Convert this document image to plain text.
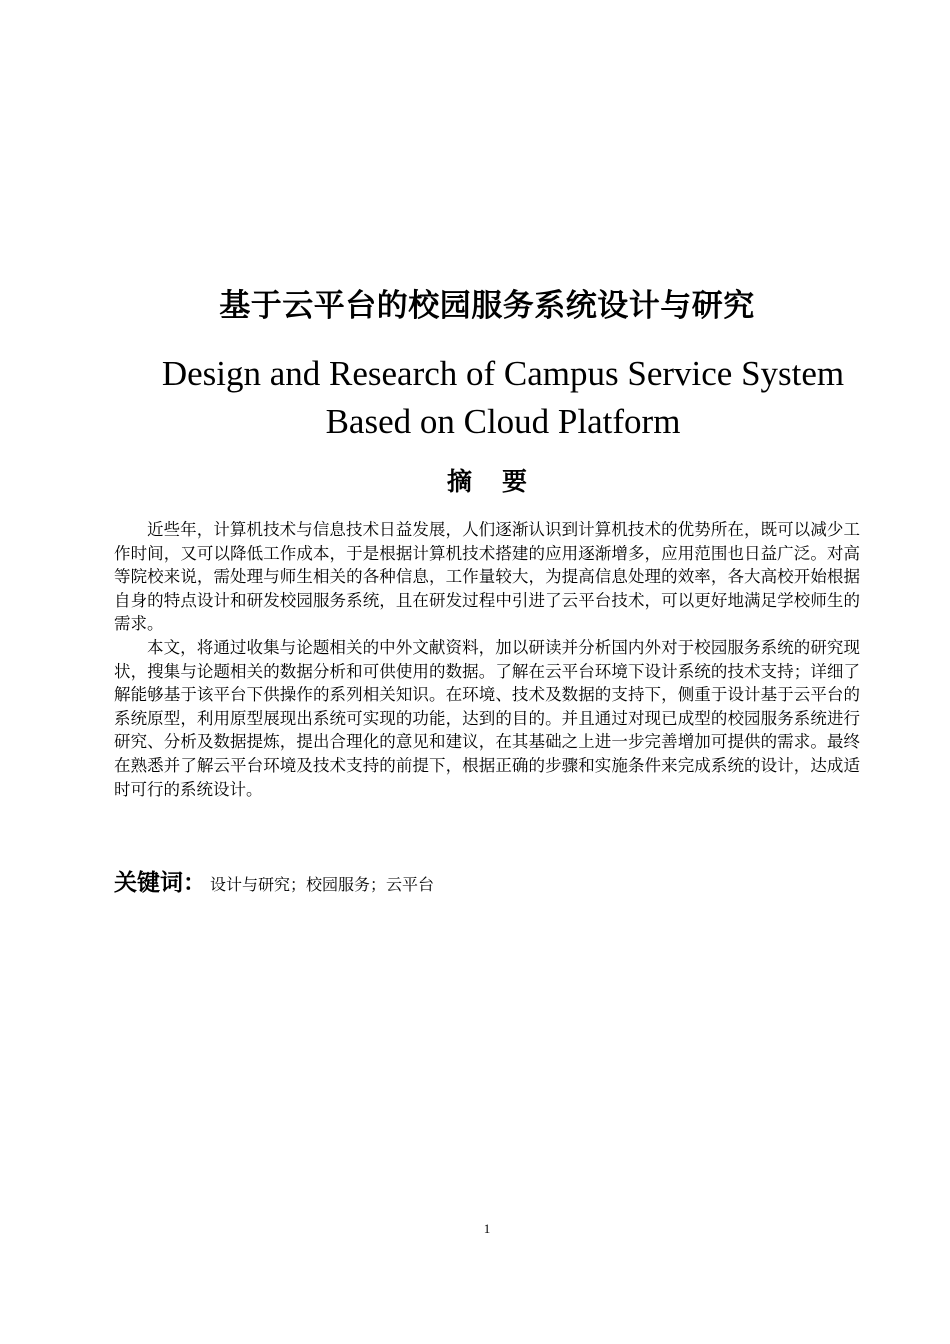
基于云平台的校园服务系统设计与研究
Design and Research of Campus Service System Based on Cloud Platform
摘要

近些年，计算机技术与信息技术日益发展，人们逐渐认识到计算机技术的优势所在，既可以减少工作时间，又可以降低工作成本，于是根据计算机技术搭建的应用逐渐增多，应用范围也日益广泛。对高等院校来说，需处理与师生相关的各种信息，工作量较大，为提高信息处理的效率，各大高校开始根据自身的特点设计和研发校园服务系统，且在研发过程中引进了云平台技术，可以更好地满足学校师生的需求。

本文，将通过收集与论题相关的中外文献资料，加以研读并分析国内外对于校园服务系统的研究现状，搜集与论题相关的数据分析和可供使用的数据。了解在云平台环境下设计系统的技术支持；详细了解能够基于该平台下供操作的系列相关知识。在环境、技术及数据的支持下，侧重于设计基于云平台的系统原型，利用原型展现出系统可实现的功能，达到的目的。并且通过对现已成型的校园服务系统进行研究、分析及数据提炼，提出合理化的意见和建议，在其基础之上进一步完善增加可提供的需求。最终在熟悉并了解云平台环境及技术支持的前提下，根据正确的步骤和实施条件来完成系统的设计，达成适时可行的系统设计。

关键词： 设计与研究；校园服务；云平台
1
